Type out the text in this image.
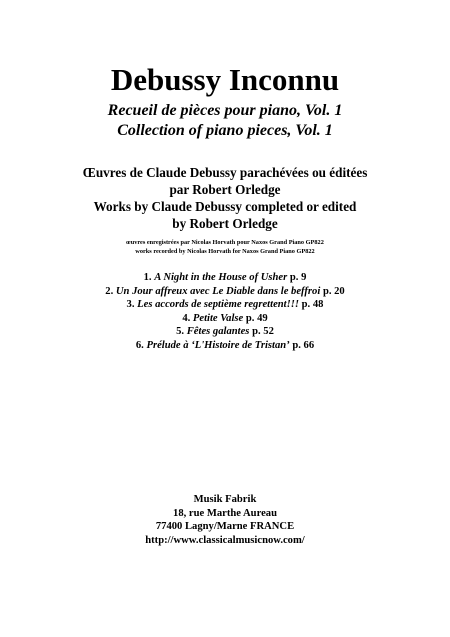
Debussy Inconnu
Recueil de pièces pour piano, Vol. 1
Collection of piano pieces, Vol. 1
Œuvres de Claude Debussy parachévées ou éditées
par Robert Orledge
Works by Claude Debussy completed or edited
by Robert Orledge
œuvres enregistrées par Nicolas Horvath pour Naxos Grand Piano GP822
works recorded by Nicolas Horvath for Naxos Grand Piano GP822
1. A Night in the House of Usher p. 9
2. Un Jour affreux avec Le Diable dans le beffroi p. 20
3. Les accords de septième regrettent!!! p. 48
4. Petite Valse p. 49
5. Fêtes galantes p. 52
6. Prélude à ‘L'Histoire de Tristan’ p. 66
Musik Fabrik
18, rue Marthe Aureau
77400 Lagny/Marne FRANCE
http://www.classicalmusicnow.com/
